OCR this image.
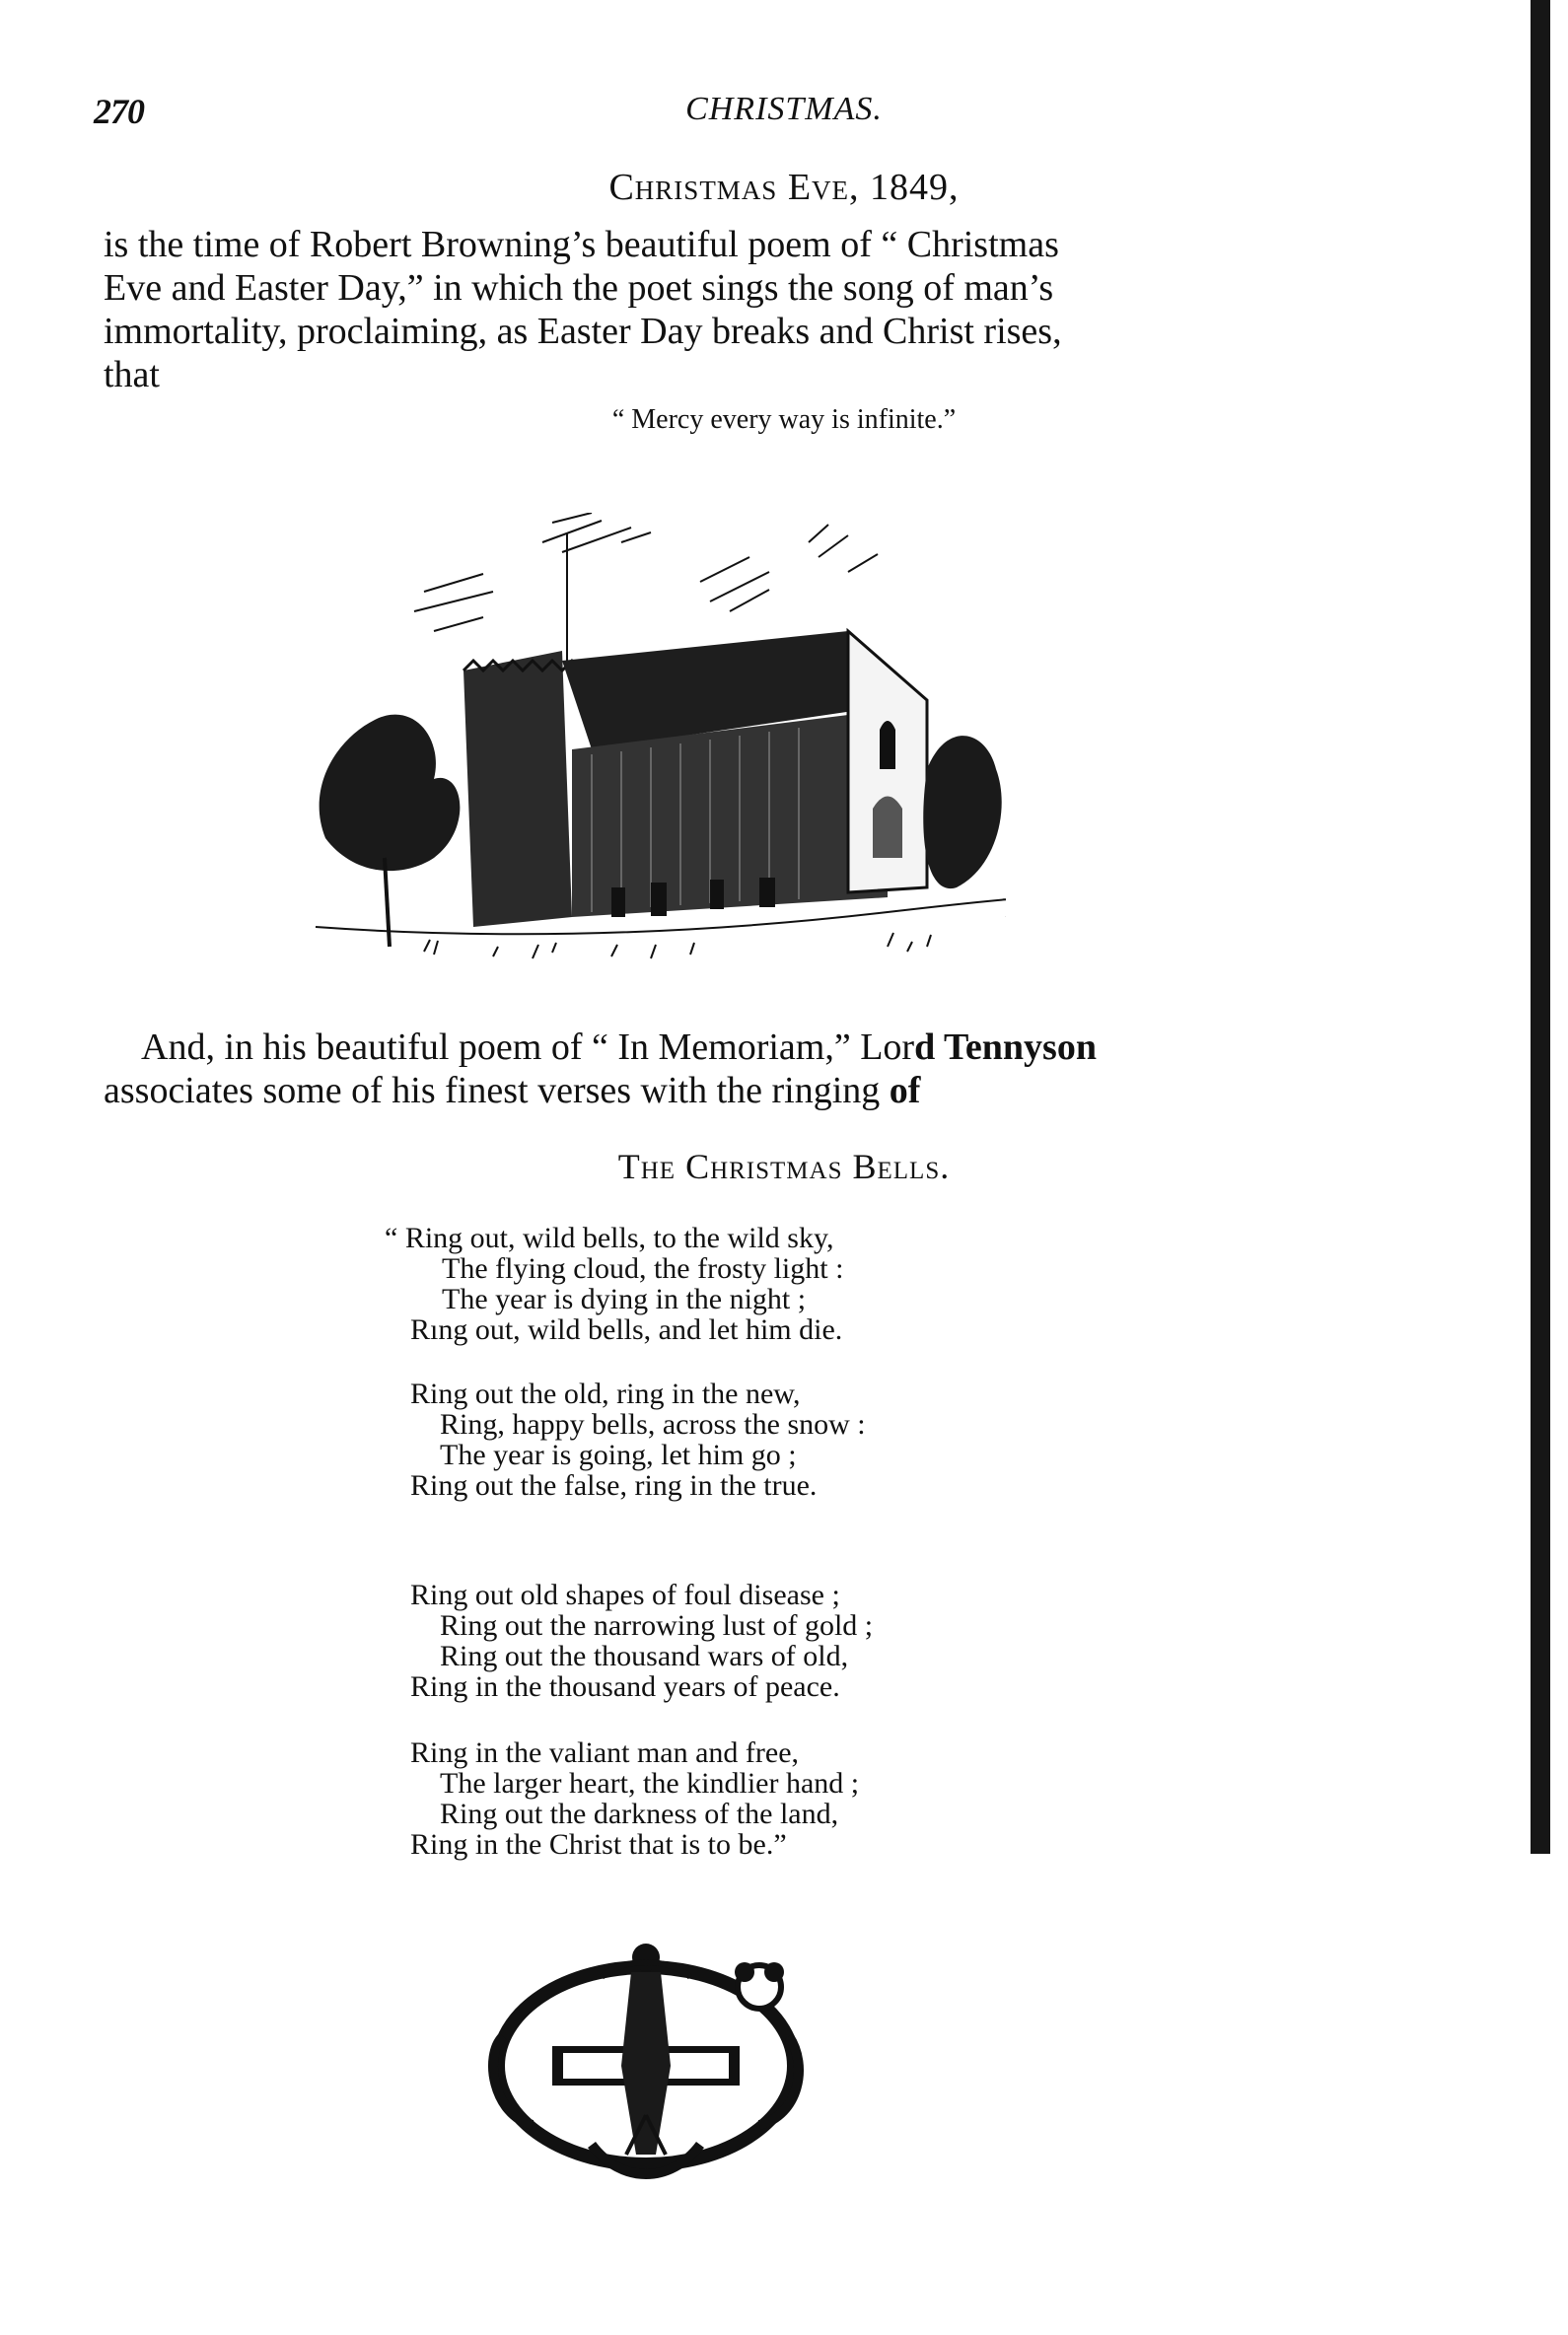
270	CHRISTMAS.
Christmas Eve, 1849,
is the time of Robert Browning’s beautiful poem of “ Christmas
Eve and Easter Day,” in which the poet sings the song of man’s
immortality, proclaiming, as Easter Day breaks and Christ rises,
that
“ Mercy every way is infinite.”
And, in his beautiful poem of “ In Memoriam,” Lord Tennyson
associates some of his finest verses with the ringing of
The Christmas Bells.
“ Ring out, wild bells, to the wild sky,
The flying cloud, the frosty light :
The year is dying in the night ;
Rıng out, wild bells, and let him die.
Ring out the old, ring in the new,
Ring, happy bells, across the snow :
The year is going, let him go ;
Ring out the false, ring in the true.
Ring out old shapes of foul disease ;
Ring out the narrowing lust of gold ;
Ring out the thousand wars of old,
Ring in the thousand years of peace.
Ring in the valiant man and free,
The larger heart, the kindlier hand ;
Ring out the darkness of the land,
Ring in the Christ that is to be.”
